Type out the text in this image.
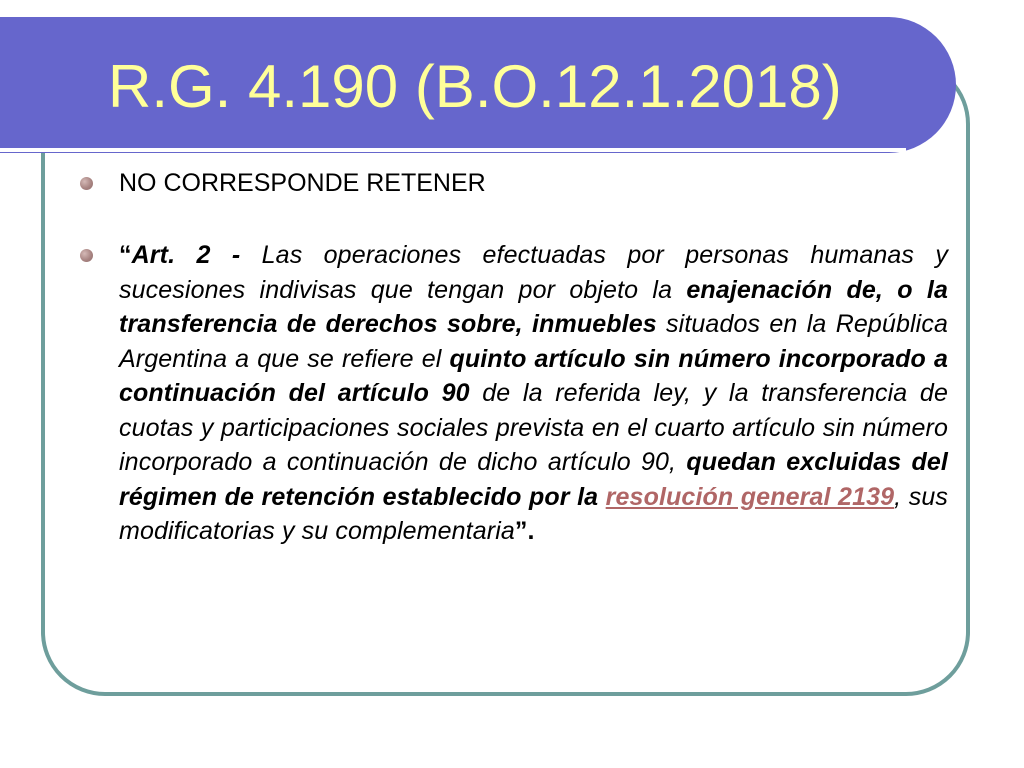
R.G. 4.190 (B.O.12.1.2018)
NO CORRESPONDE RETENER
“Art. 2 - Las operaciones efectuadas por personas humanas y sucesiones indivisas que tengan por objeto la enajenación de, o la transferencia de derechos sobre, inmuebles situados en la República Argentina a que se refiere el quinto artículo sin número incorporado a continuación del artículo 90 de la referida ley, y la transferencia de cuotas y participaciones sociales prevista en el cuarto artículo sin número incorporado a continuación de dicho artículo 90, quedan excluidas del régimen de retención establecido por la resolución general 2139, sus modificatorias y su complementaria”.
